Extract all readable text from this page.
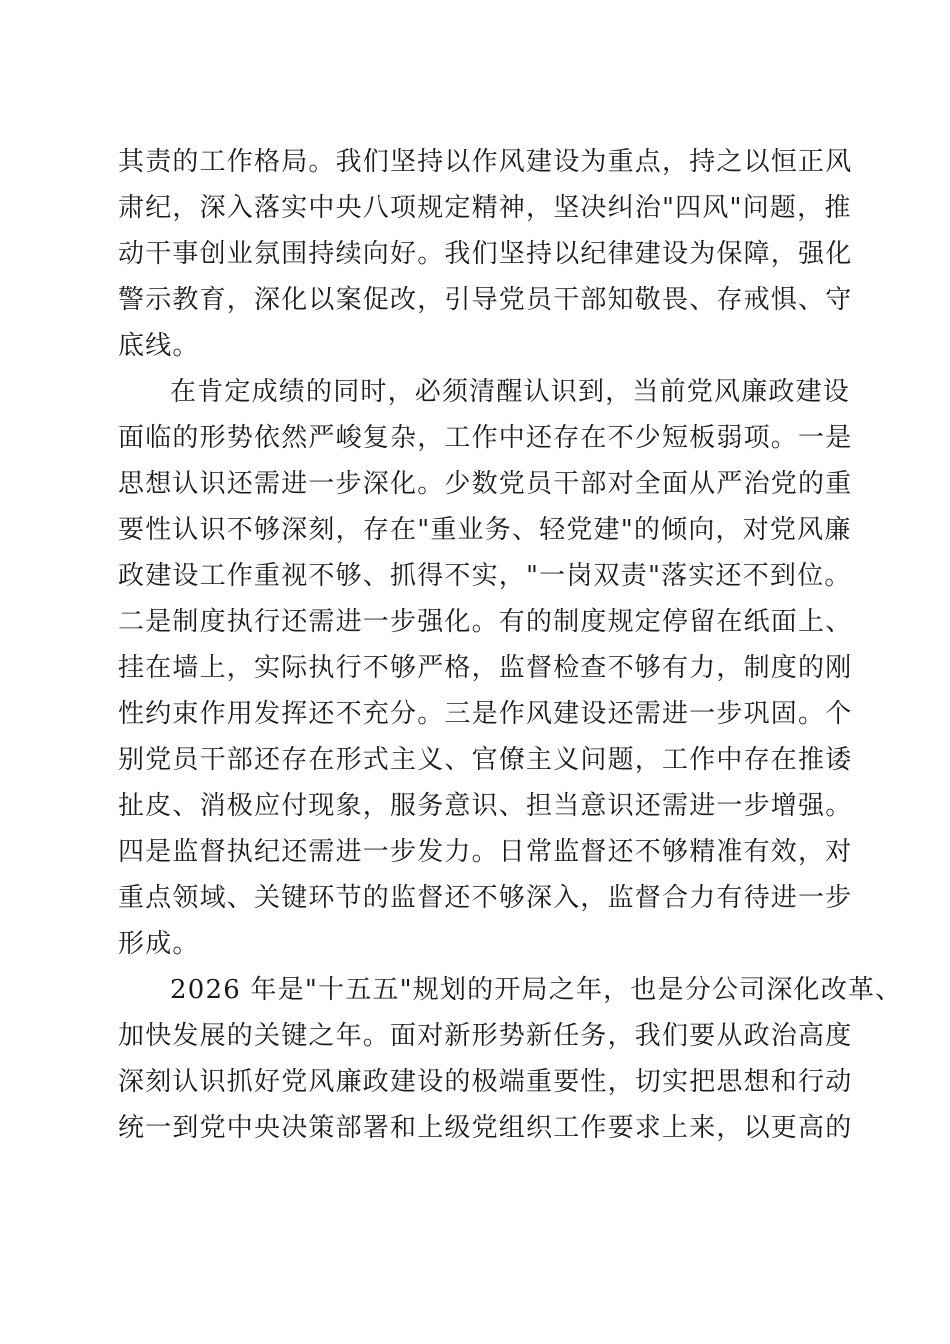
其责的工作格局。我们坚持以作风建设为重点，持之以恒正风
肃纪，深入落实中央八项规定精神，坚决纠治"四风"问题，推
动干事创业氛围持续向好。我们坚持以纪律建设为保障，强化
警示教育，深化以案促改，引导党员干部知敬畏、存戒惧、守
底线。
在肯定成绩的同时，必须清醒认识到，当前党风廉政建设
面临的形势依然严峻复杂，工作中还存在不少短板弱项。一是
思想认识还需进一步深化。少数党员干部对全面从严治党的重
要性认识不够深刻，存在"重业务、轻党建"的倾向，对党风廉
政建设工作重视不够、抓得不实，"一岗双责"落实还不到位。
二是制度执行还需进一步强化。有的制度规定停留在纸面上、
挂在墙上，实际执行不够严格，监督检查不够有力，制度的刚
性约束作用发挥还不充分。三是作风建设还需进一步巩固。个
别党员干部还存在形式主义、官僚主义问题，工作中存在推诿
扯皮、消极应付现象，服务意识、担当意识还需进一步增强。
四是监督执纪还需进一步发力。日常监督还不够精准有效，对
重点领域、关键环节的监督还不够深入，监督合力有待进一步
形成。
2026 年是"十五五"规划的开局之年，也是分公司深化改革、
加快发展的关键之年。面对新形势新任务，我们要从政治高度
深刻认识抓好党风廉政建设的极端重要性，切实把思想和行动
统一到党中央决策部署和上级党组织工作要求上来，以更高的
